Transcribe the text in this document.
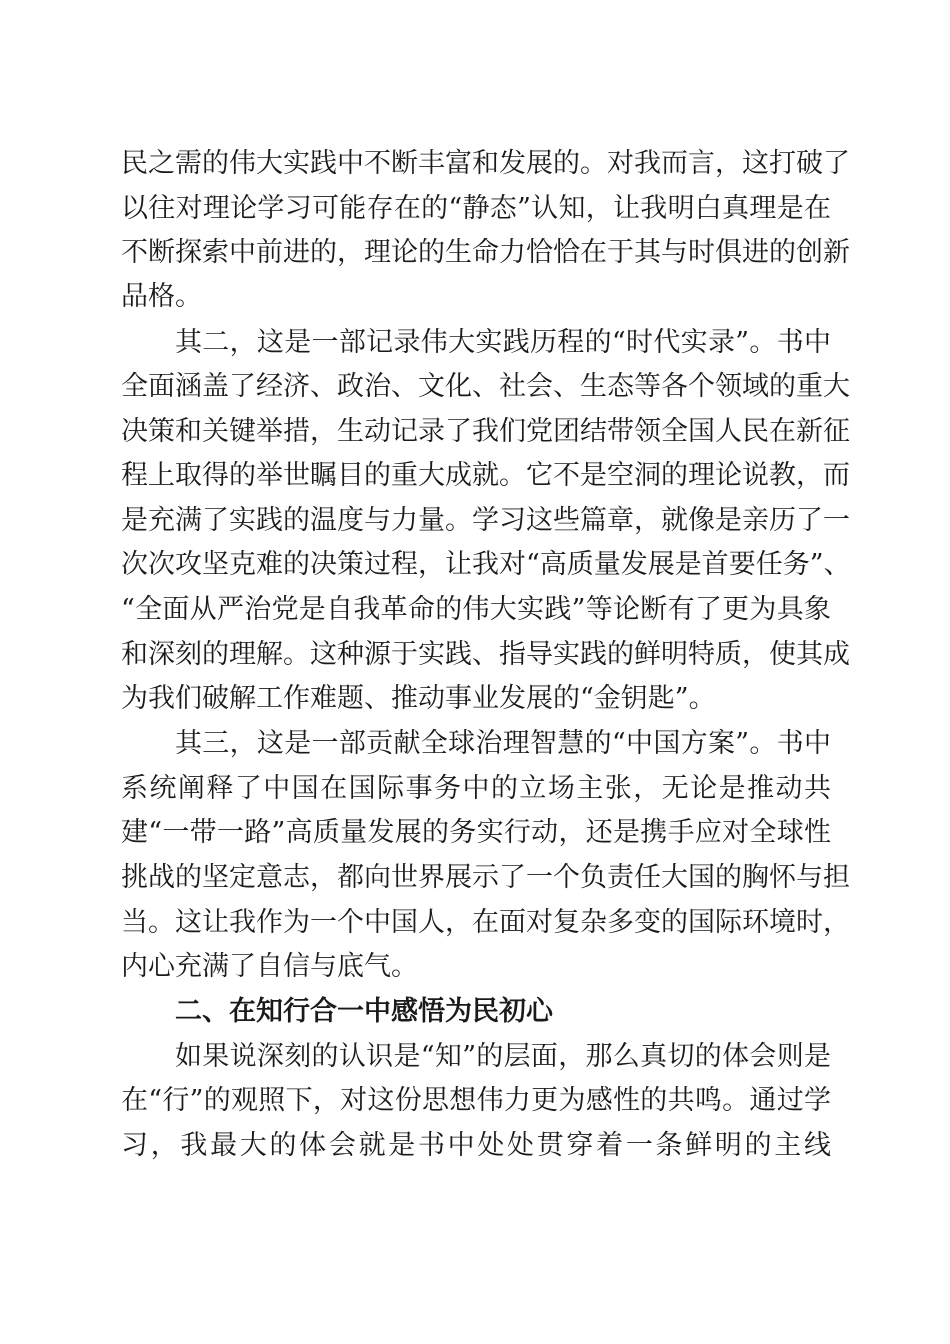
民之需的伟大实践中不断丰富和发展的。对我而言，这打破了
以往对理论学习可能存在的“静态”认知，让我明白真理是在
不断探索中前进的，理论的生命力恰恰在于其与时俱进的创新
品格。
其二，这是一部记录伟大实践历程的“时代实录”。书中
全面涵盖了经济、政治、文化、社会、生态等各个领域的重大
决策和关键举措，生动记录了我们党团结带领全国人民在新征
程上取得的举世瞩目的重大成就。它不是空洞的理论说教，而
是充满了实践的温度与力量。学习这些篇章，就像是亲历了一
次次攻坚克难的决策过程，让我对“高质量发展是首要任务”、
“全面从严治党是自我革命的伟大实践”等论断有了更为具象
和深刻的理解。这种源于实践、指导实践的鲜明特质，使其成
为我们破解工作难题、推动事业发展的“金钥匙”。
其三，这是一部贡献全球治理智慧的“中国方案”。书中
系统阐释了中国在国际事务中的立场主张，无论是推动共
建“一带一路”高质量发展的务实行动，还是携手应对全球性
挑战的坚定意志，都向世界展示了一个负责任大国的胸怀与担
当。这让我作为一个中国人，在面对复杂多变的国际环境时，
内心充满了自信与底气。
二、在知行合一中感悟为民初心
如果说深刻的认识是“知”的层面，那么真切的体会则是
在“行”的观照下，对这份思想伟力更为感性的共鸣。通过学
习，我最大的体会就是书中处处贯穿着一条鲜明的主线
